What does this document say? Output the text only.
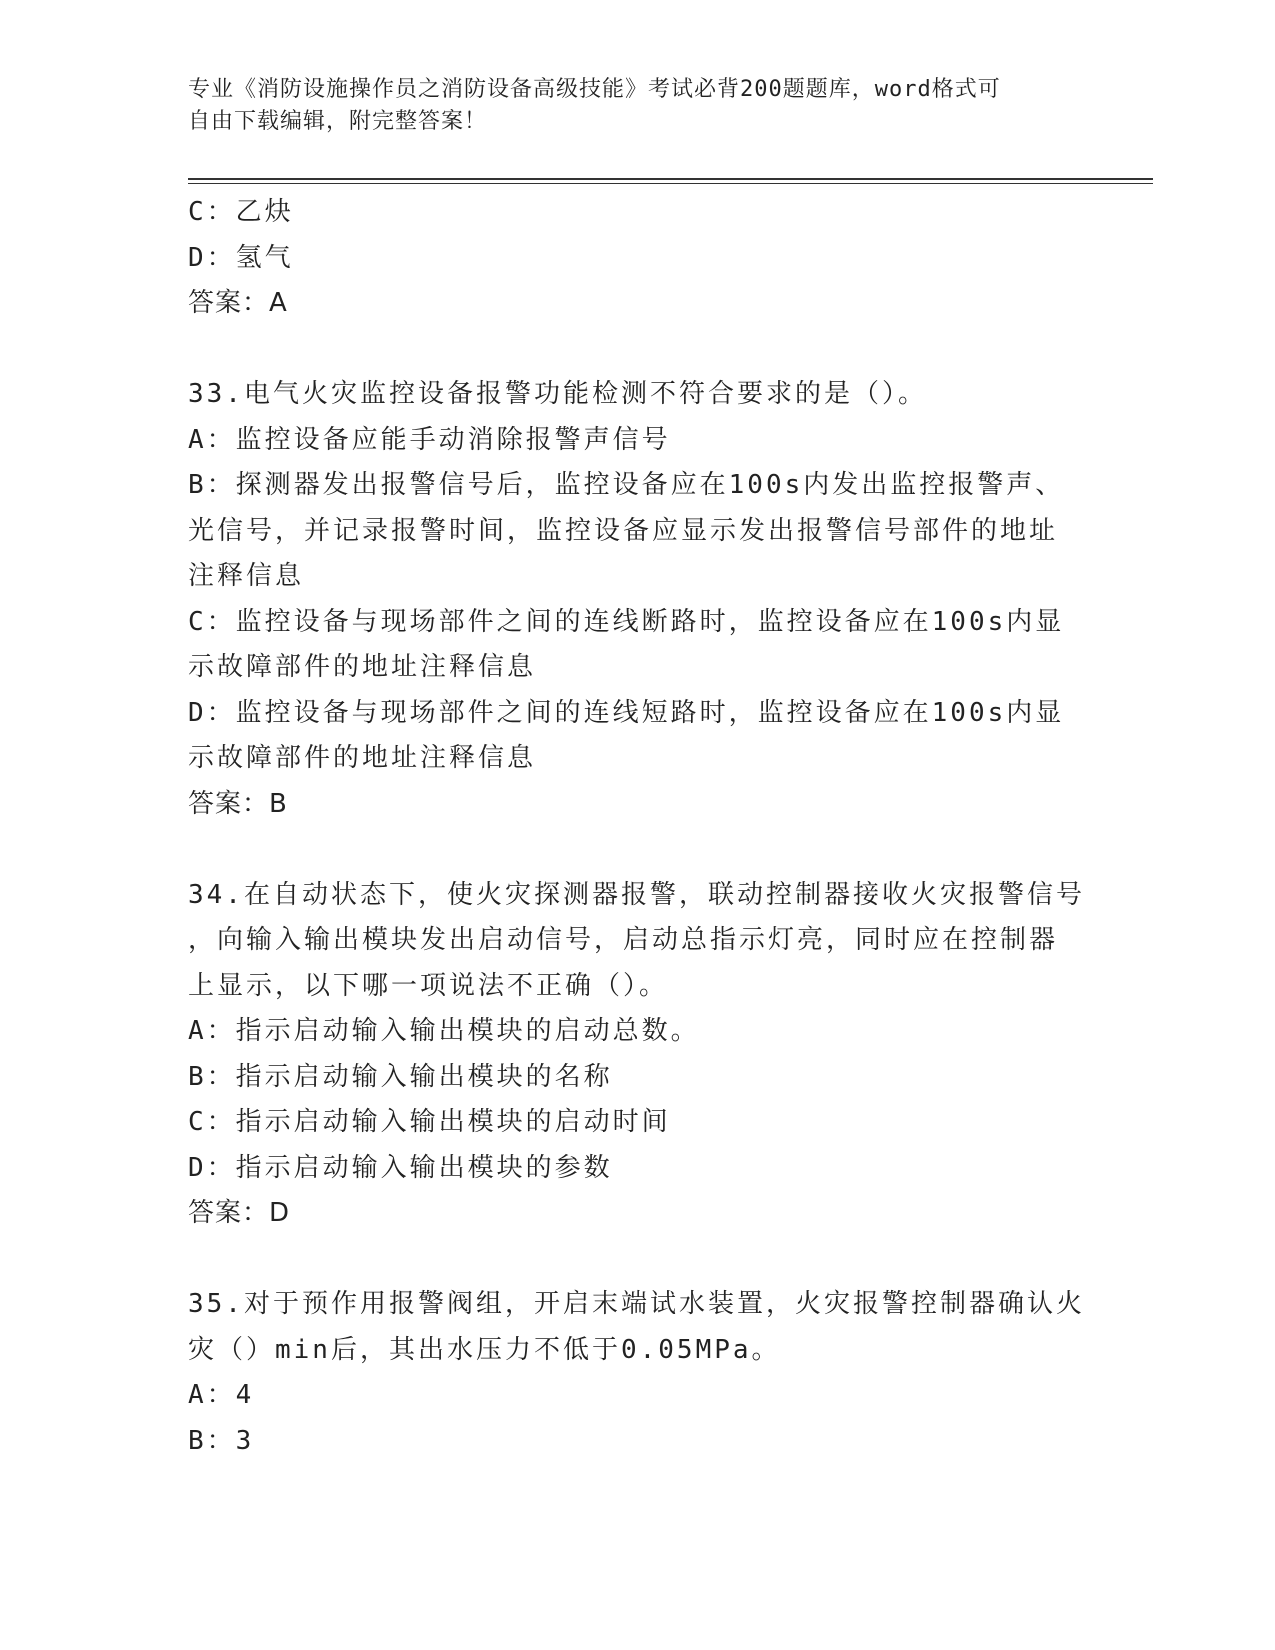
专业《消防设施操作员之消防设备高级技能》考试必背200题题库，word格式可
自由下载编辑，附完整答案！
C：乙炔
D：氢气
答案：A
33.电气火灾监控设备报警功能检测不符合要求的是（）。
A：监控设备应能手动消除报警声信号
B：探测器发出报警信号后，监控设备应在100s内发出监控报警声、
光信号，并记录报警时间，监控设备应显示发出报警信号部件的地址
注释信息
C：监控设备与现场部件之间的连线断路时，监控设备应在100s内显
示故障部件的地址注释信息
D：监控设备与现场部件之间的连线短路时，监控设备应在100s内显
示故障部件的地址注释信息
答案：B
34.在自动状态下，使火灾探测器报警，联动控制器接收火灾报警信号
，向输入输出模块发出启动信号，启动总指示灯亮，同时应在控制器
上显示，以下哪一项说法不正确（）。
A：指示启动输入输出模块的启动总数。
B：指示启动输入输出模块的名称
C：指示启动输入输出模块的启动时间
D：指示启动输入输出模块的参数
答案：D
35.对于预作用报警阀组，开启末端试水装置，火灾报警控制器确认火
灾（）min后，其出水压力不低于0.05MPa。
A：4
B：3
